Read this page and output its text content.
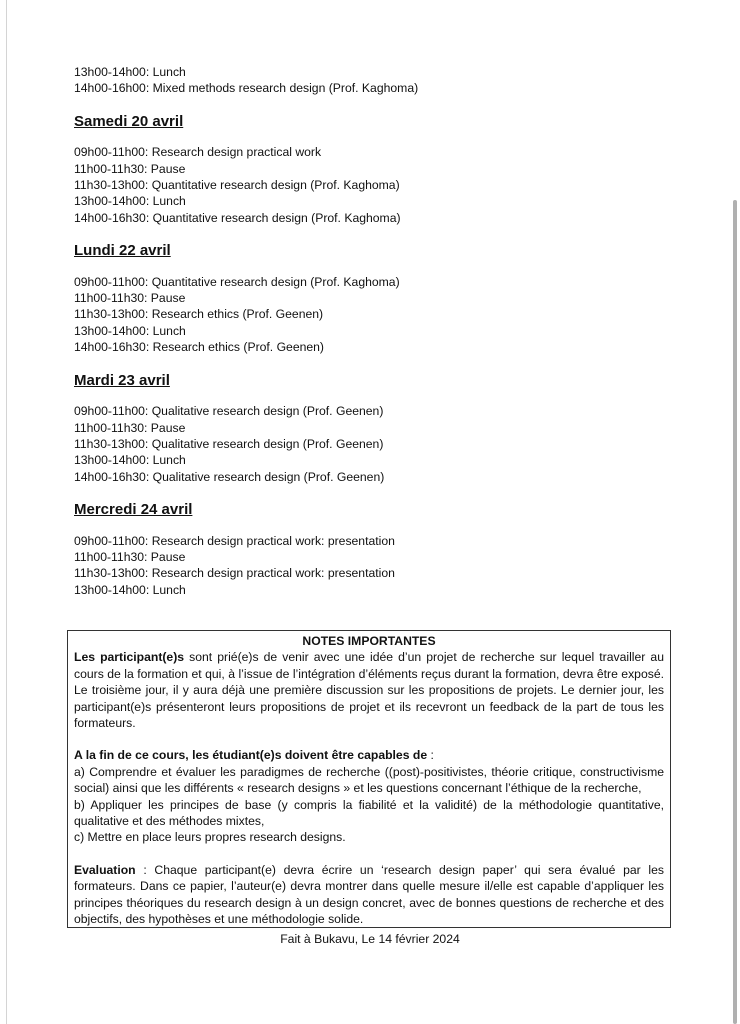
13h00-14h00: Lunch
14h00-16h00: Mixed methods research design (Prof. Kaghoma)
Samedi 20 avril
09h00-11h00: Research design practical work
11h00-11h30: Pause
11h30-13h00: Quantitative research design (Prof. Kaghoma)
13h00-14h00: Lunch
14h00-16h30: Quantitative research design (Prof. Kaghoma)
Lundi 22 avril
09h00-11h00: Quantitative research design (Prof. Kaghoma)
11h00-11h30: Pause
11h30-13h00: Research ethics (Prof. Geenen)
13h00-14h00: Lunch
14h00-16h30: Research ethics (Prof. Geenen)
Mardi 23 avril
09h00-11h00: Qualitative research design (Prof. Geenen)
11h00-11h30: Pause
11h30-13h00: Qualitative research design (Prof. Geenen)
13h00-14h00: Lunch
14h00-16h30: Qualitative research design (Prof. Geenen)
Mercredi 24 avril
09h00-11h00: Research design practical work: presentation
11h00-11h30: Pause
11h30-13h00: Research design practical work: presentation
13h00-14h00: Lunch
NOTES IMPORTANTES

Les participant(e)s sont prié(e)s de venir avec une idée d’un projet de recherche sur lequel travailler au cours de la formation et qui, à l’issue de l’intégration d’éléments reçus durant la formation, devra être exposé. Le troisième jour, il y aura déjà une première discussion sur les propositions de projets. Le dernier jour, les participant(e)s présenteront leurs propositions de projet et ils recevront un feedback de la part de tous les formateurs.

A la fin de ce cours, les étudiant(e)s doivent être capables de :

a) Comprendre et évaluer les paradigmes de recherche ((post)-positivistes, théorie critique, constructivisme social) ainsi que les différents « research designs » et les questions concernant l’éthique de la recherche,

b) Appliquer les principes de base (y compris la fiabilité et la validité) de la méthodologie quantitative, qualitative et des méthodes mixtes,

c) Mettre en place leurs propres research designs.

Evaluation : Chaque participant(e) devra écrire un ‘research design paper’ qui sera évalué par les formateurs. Dans ce papier, l’auteur(e) devra montrer dans quelle mesure il/elle est capable d’appliquer les principes théoriques du research design à un design concret, avec de bonnes questions de recherche et des objectifs, des hypothèses et une méthodologie solide.

Fait à Bukavu, Le 14 février 2024
